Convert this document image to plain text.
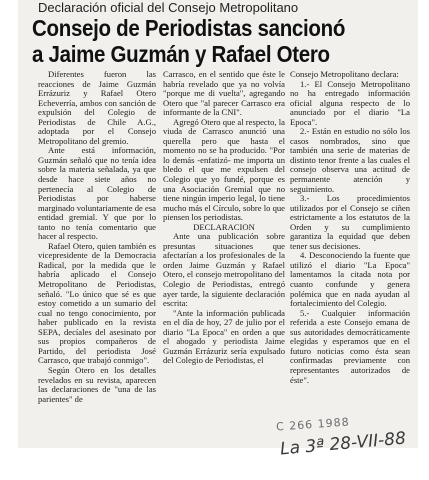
Declaración oficial del Consejo Metropolitano
Consejo de Periodistas sancionó
a Jaime Guzmán y Rafael Otero

Diferentes fueron las reacciones de Jaime Guzmán Errázuriz y Rafael Otero Echeverría, ambos con sanción de expulsión del Colegio de Periodistas de Chile A.G., adoptada por el Consejo Metropolitano del gremio.

Ante está información, Guzmán señaló que no tenía idea sobre la materia señalada, ya que desde hace siete años no pertenecía al Colegio de Periodistas por haberse marginado voluntariamente de esa entidad gremial. Y que por lo tanto no tenía comentario que hacer al respecto.

Rafael Otero, quien también es vicepresidente de la Democracia Radical, por la medida que le habría aplicado el Consejo Metropolitano de Periodistas, señaló. "Lo único que sé es que estoy cometido a un sumario del cual no tengo conocimiento, por haber publicado en la revista SEPA, decíales del asesinato por sus propios compañeros de Partido, del periodista José Carrasco, que trabajó conmigo".

Según Otero en los detalles revelados en su revista, aparecen las declaraciones de "una de las parientes" de

Carrasco, en el sentido que éste le habría revelado que ya no volvía "porque me di vuelta", agregando Otero que "al parecer Carrasco era informante de la CNI".

Agregó Otero que al respecto, la viuda de Carrasco anunció una querella pero que hasta el momento no se ha producido. "Por lo demás -enfatizó- me importa un bledo el que me expulsen del Colegio que yo fundé, porque es una Asociación Gremial que no tiene ningún imperio legal, lo tiene mucho más el Círculo, sobre lo que piensen los periodistas.

DECLARACION

Ante una publicación sobre presuntas situaciones que afectarían a los profesionales de la orden Jaime Guzmán y Rafael Otero, el consejo metropolitano del Colegio de Periodistas, entregó ayer tarde, la siguiente declaración escrita:

"Ante la información publicada en el día de hoy, 27 de julio por el diario "La Epoca" en orden a que el abogado y periodista Jaime Guzmán Errázuriz sería expulsado del Colegio de Periodistas, el

Consejo Metropolitano declara:

1.- El Consejo Metropolitano no ha entregado información oficial alguna respecto de lo anunciado por el diario "La Epoca".

2.- Están en estudio no sólo los casos nombrados, sino que también una serie de materias de distinto tenor frente a las cuales el consejo observa una actitud de permanente atención y seguimiento.

3.- Los procedimientos utilizados por el Consejo se ciñen estrictamente a los estatutos de la Orden y su cumplimiento garantiza la equidad que deben tener sus decisiones.

4. Desconociendo la fuente que utilizó el diario "La Epoca" lamentamos la citada nota por cuanto confunde y genera polémica que en nada ayudan al fortalecimiento del Colegio.

5.- Cualquier información referida a este Consejo emana de sus autoridades democráticamente elegidas y esperamos que en el futuro noticias como ésta sean confirmadas previamente con representantes autorizados de éste".

C 266 1988
La 3ª 28-VII-88
